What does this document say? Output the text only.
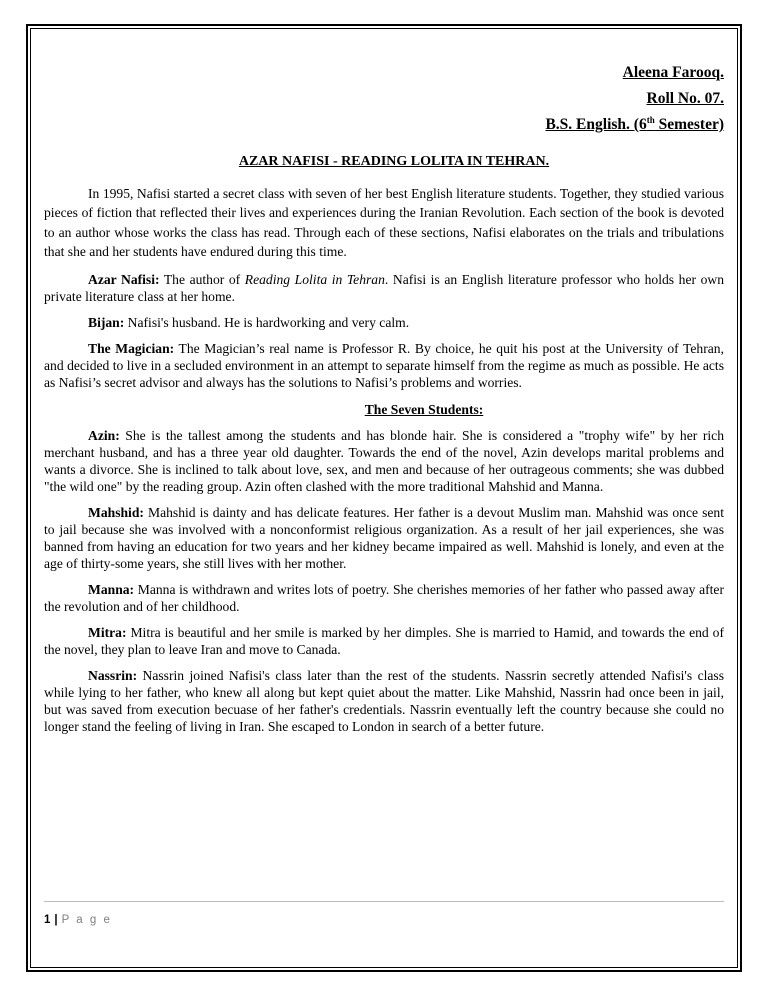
Aleena Farooq.

Roll No. 07.

B.S. English. (6th Semester)

AZAR NAFISI - READING LOLITA IN TEHRAN.

In 1995, Nafisi started a secret class with seven of her best English literature students. Together, they studied various pieces of fiction that reflected their lives and experiences during the Iranian Revolution. Each section of the book is devoted to an author whose works the class has read. Through each of these sections, Nafisi elaborates on the trials and tribulations that she and her students have endured during this time.

Azar Nafisi: The author of Reading Lolita in Tehran. Nafisi is an English literature professor who holds her own private literature class at her home.

Bijan: Nafisi's husband. He is hardworking and very calm.

The Magician: The Magician’s real name is Professor R. By choice, he quit his post at the University of Tehran, and decided to live in a secluded environment in an attempt to separate himself from the regime as much as possible. He acts as Nafisi’s secret advisor and always has the solutions to Nafisi’s problems and worries.

The Seven Students:

Azin: She is the tallest among the students and has blonde hair. She is considered a "trophy wife" by her rich merchant husband, and has a three year old daughter. Towards the end of the novel, Azin develops marital problems and wants a divorce. She is inclined to talk about love, sex, and men and because of her outrageous comments; she was dubbed "the wild one" by the reading group. Azin often clashed with the more traditional Mahshid and Manna.

Mahshid: Mahshid is dainty and has delicate features. Her father is a devout Muslim man. Mahshid was once sent to jail because she was involved with a nonconformist religious organization. As a result of her jail experiences, she was banned from having an education for two years and her kidney became impaired as well. Mahshid is lonely, and even at the age of thirty-some years, she still lives with her mother.

Manna: Manna is withdrawn and writes lots of poetry. She cherishes memories of her father who passed away after the revolution and of her childhood.

Mitra: Mitra is beautiful and her smile is marked by her dimples. She is married to Hamid, and towards the end of the novel, they plan to leave Iran and move to Canada.

Nassrin: Nassrin joined Nafisi's class later than the rest of the students. Nassrin secretly attended Nafisi's class while lying to her father, who knew all along but kept quiet about the matter. Like Mahshid, Nassrin had once been in jail, but was saved from execution becuase of her father's credentials. Nassrin eventually left the country because she could no longer stand the feeling of living in Iran. She escaped to London in search of a better future.

1 | P a g e
